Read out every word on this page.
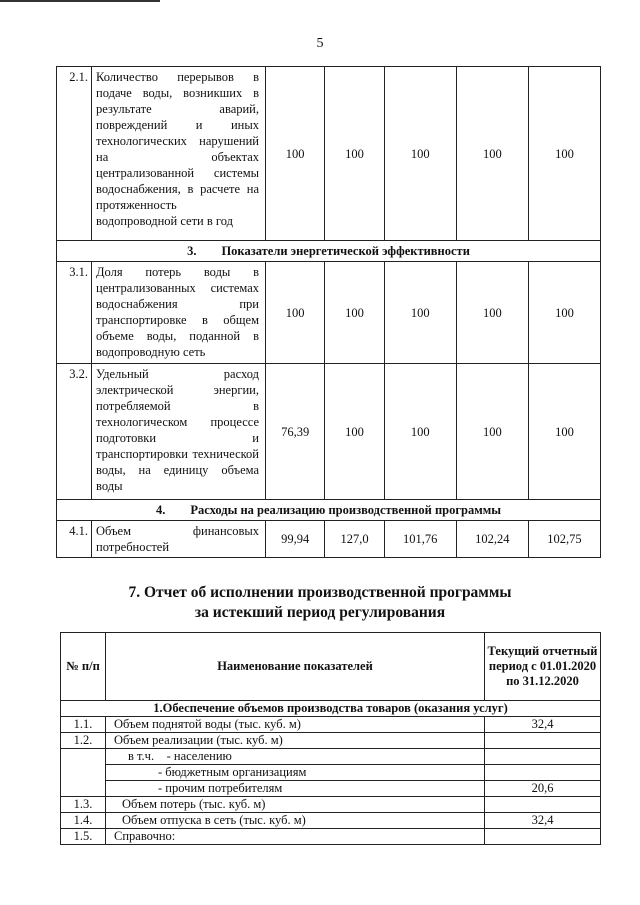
5
2.1.	Количество перерывов в подаче воды, возникших в результате аварий, повреждений и иных технологических нарушений на объектах централизованной системы водоснабжения, в расчете на протяженность водопроводной сети в год	100	100	100	100	100
3.        Показатели энергетической эффективности						
3.1.	Доля потерь воды в централизованных системах водоснабжения при транспортировке в общем объеме воды, поданной в водопроводную сеть	100	100	100	100	100
3.2.	Удельный расход электрической энергии, потребляемой в технологическом процессе подготовки и транспортировки технической воды, на единицу объема воды	76,39	100	100	100	100
4.        Расходы на реализацию производственной программы						
4.1.	Объем финансовых потребностей	99,94	127,0	101,76	102,24	102,75
7. Отчет об исполнении производственной программы
за истекший период регулирования
№ п/п	Наименование показателей	Текущий отчетный период с 01.01.2020 по 31.12.2020
1.Обеспечение объемов производства товаров (оказания услуг)		
1.1.	Объем поднятой воды (тыс. куб. м)	32,4
1.2.	Объем реализации (тыс. куб. м)	
	в т.ч.    - населению	
	- бюджетным организациям	
	- прочим потребителям	20,6
1.3.	Объем потерь (тыс. куб. м)	
1.4.	Объем отпуска в сеть (тыс. куб. м)	32,4
1.5.	Справочно:	
